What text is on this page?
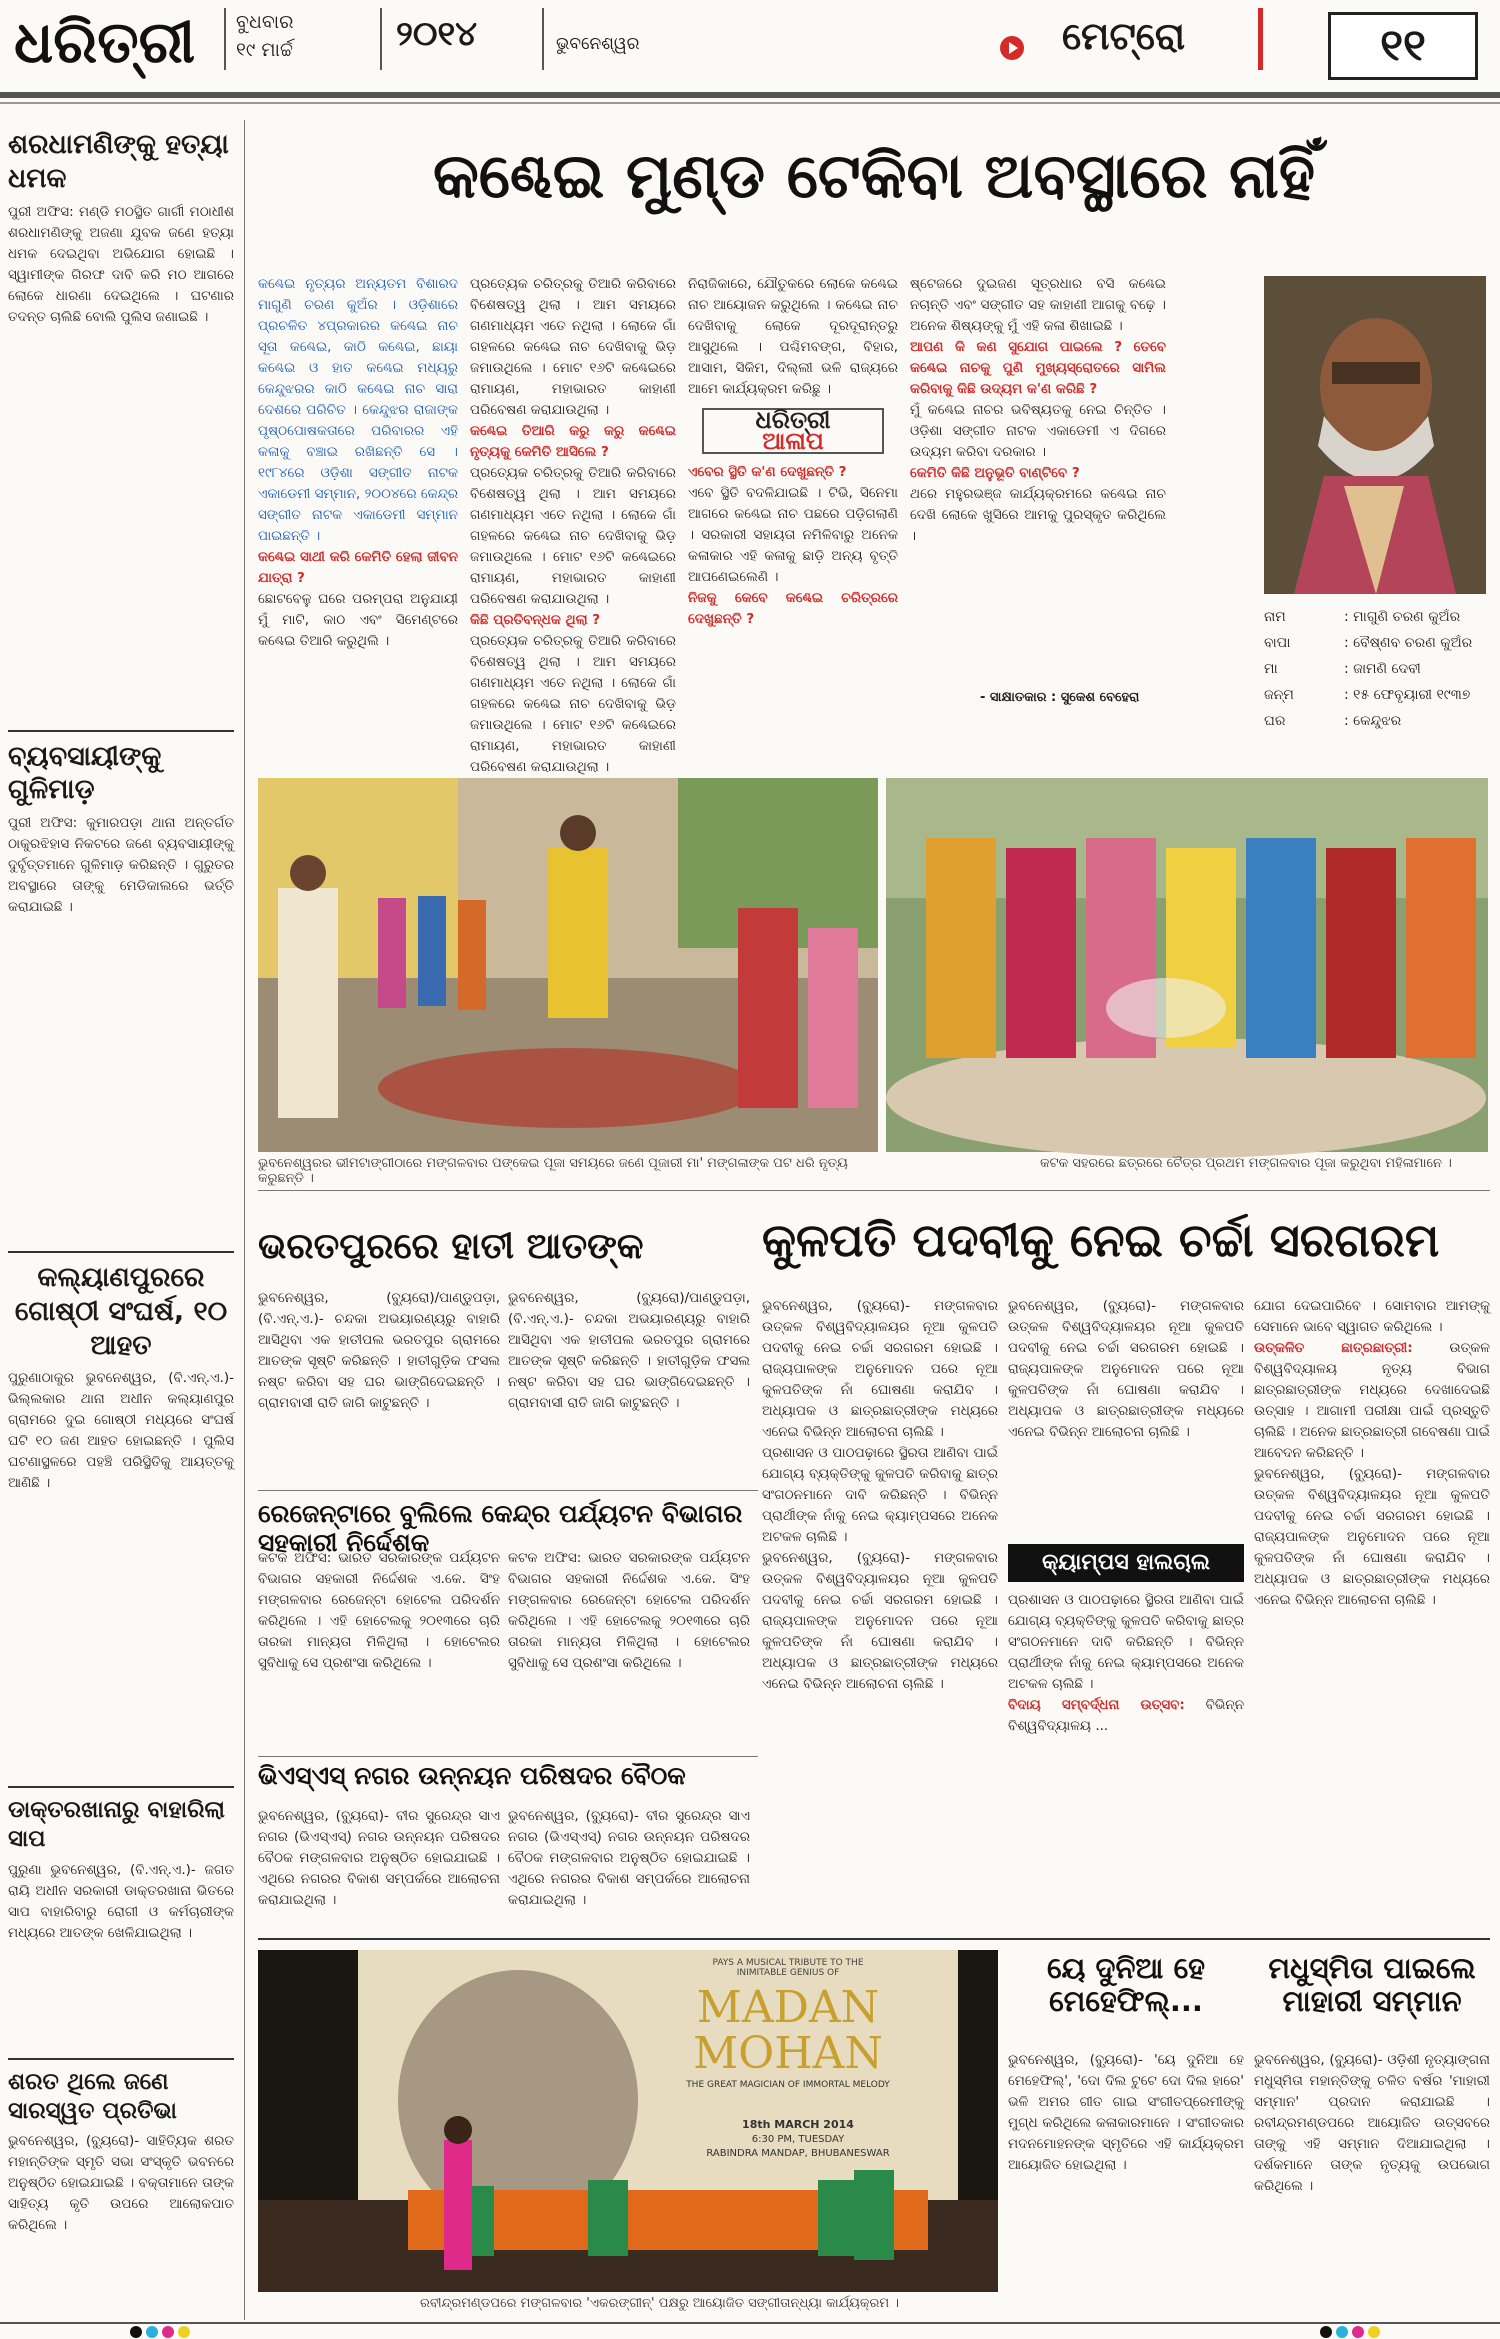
ଧରିତ୍ରୀ ବୁଧବାର
୧୯ ମାର୍ଚ୍ଚ	୨୦୧୪	ଭୁବନେଶ୍ୱର	ମେଟ୍ରୋ	୧୧
ଶରଧାମଣିଙ୍କୁ ହତ୍ୟା ଧମକ

ପୁରୀ ଅଫିସ: ମଣ୍ଡି ମଠସ୍ଥିତ ଗାର୍ଗୀ ମଠାଧୀଶ ଶରଧାମଣିଙ୍କୁ ଅଜଣା ଯୁବକ ଜଣେ ହତ୍ୟା ଧମକ ଦେଇଥିବା ଅଭିଯୋଗ ହୋଇଛି । ସ୍ୱାମୀଙ୍କ ଗିରଫ ଦାବି କରି ମଠ ଆଗରେ ଲୋକେ ଧାରଣା ଦେଇଥିଲେ । ଘଟଣାର ତଦନ୍ତ ଚାଲିଛି ବୋଲି ପୁଲିସ ଜଣାଇଛି ।

ବ୍ୟବସାୟୀଙ୍କୁ ଗୁଳିମାଡ଼

ପୁରୀ ଅଫିସ: କୁମାରପଡ଼ା ଥାନା ଅନ୍ତର୍ଗତ ଠାକୁରଝିହାସ ନିକଟରେ ଜଣେ ବ୍ୟବସାୟୀଙ୍କୁ ଦୁର୍ବୃତ୍ତମାନେ ଗୁଳିମାଡ଼ କରିଛନ୍ତି । ଗୁରୁତର ଅବସ୍ଥାରେ ତାଙ୍କୁ ମେଡିକାଲରେ ଭର୍ତ୍ତି କରାଯାଇଛି ।

କଲ୍ୟାଣପୁରରେ ଗୋଷ୍ଠୀ ସଂଘର୍ଷ, ୧୦ ଆହତ

ପୁରୁଣାଠାକୁର ଭୁବନେଶ୍ୱର, (ବି.ଏନ୍.ଏ.)- ଭିଲ୍ଲକାର ଥାନା ଅଧୀନ କଲ୍ୟାଣପୁର ଗ୍ରାମରେ ଦୁଇ ଗୋଷ୍ଠୀ ମଧ୍ୟରେ ସଂଘର୍ଷ ଘଟି ୧୦ ଜଣ ଆହତ ହୋଇଛନ୍ତି । ପୁଲିସ ଘଟଣାସ୍ଥଳରେ ପହଞ୍ଚି ପରିସ୍ଥିତିକୁ ଆୟତ୍ତକୁ ଆଣିଛି ।

ଡାକ୍ତରଖାନାରୁ ବାହାରିଲା ସାପ

ପୁରୁଣା ଭୁବନେଶ୍ୱର, (ବି.ଏନ୍.ଏ.)- ଜଗତ ରାୟି ଅଧୀନ ସରକାରୀ ଡାକ୍ତରଖାନା ଭିତରେ ସାପ ବାହାରିବାରୁ ରୋଗୀ ଓ କର୍ମଚାରୀଙ୍କ ମଧ୍ୟରେ ଆତଙ୍କ ଖେଳିଯାଇଥିଲା ।

ଶରତ ଥିଲେ ଜଣେ ସାରସ୍ୱତ ପ୍ରତିଭା

ଭୁବନେଶ୍ୱର, (ବ୍ୟୁରୋ)- ସାହିତ୍ୟିକ ଶରତ ମହାନ୍ତିଙ୍କ ସ୍ମୃତି ସଭା ସଂସ୍କୃତି ଭବନରେ ଅନୁଷ୍ଠିତ ହୋଇଯାଇଛି । ବକ୍ତାମାନେ ତାଙ୍କ ସାହିତ୍ୟ କୃତି ଉପରେ ଆଲୋକପାତ କରିଥିଲେ ।

କଣ୍ଢେଇ ମୁଣ୍ଡ ଟେକିବା ଅବସ୍ଥାରେ ନାହିଁ

କଣ୍ଢେଇ ନୃତ୍ୟର ଅନ୍ୟତମ ବିଶାରଦ ମାଗୁଣି ଚରଣ କୁଅଁର । ଓଡ଼ିଶାରେ ପ୍ରଚଳିତ ୪ପ୍ରକାରର କଣ୍ଢେଇ ନାଚ ସୂତା କଣ୍ଢେଇ, କାଠି କଣ୍ଢେଇ, ଛାୟା କଣ୍ଢେଇ ଓ ହାତ କଣ୍ଢେଇ ମଧ୍ୟରୁ କେନ୍ଦୁଝରର କାଠି କଣ୍ଢେଇ ନାଚ ସାରା ଦେଶରେ ପରିଚିତ । କେନ୍ଦୁଝର ରାଜାଙ୍କ ପୃଷ୍ଠପୋଷକତାରେ ପରିବାରର ଏହି କଳାକୁ ବଞ୍ଚାଇ ରଖିଛନ୍ତି ସେ । ୧୯୮୪ରେ ଓଡ଼ିଶା ସଙ୍ଗୀତ ନାଟକ ଏକାଡେମୀ ସମ୍ମାନ, ୨୦୦୪ରେ କେନ୍ଦ୍ର ସଙ୍ଗୀତ ନାଟକ ଏକାଡେମୀ ସମ୍ମାନ ପାଇଛନ୍ତି ।

କଣ୍ଢେଇ ସାଥୀ କରି କେମିତି ହେଲା ଜୀବନ ଯାତ୍ରା ?

ଛୋଟବେଳୁ ଘରେ ପରମ୍ପରା ଅନୁଯାୟୀ ମୁଁ ମାଟି, କାଠ ଏବଂ ସିମେଣ୍ଟରେ କଣ୍ଢେଇ ତିଆରି କରୁଥିଲି ।

ପ୍ରତ୍ୟେକ ଚରିତ୍ରକୁ ତିଆରି କରିବାରେ ବିଶେଷତ୍ୱ ଥିଲା । ଆମ ସମୟରେ ଗଣମାଧ୍ୟମ ଏତେ ନଥିଲା । ଲୋକେ ଗାଁ ଗହଳରେ କଣ୍ଢେଇ ନାଚ ଦେଖିବାକୁ ଭିଡ଼ ଜମାଉଥିଲେ । ମୋଟ ୧୬ଟି କଣ୍ଢେଇରେ ରାମାୟଣ, ମହାଭାରତ କାହାଣୀ ପରିବେଷଣ କରାଯାଉଥିଲା ।

କଣ୍ଢେଇ ତିଆରି କରୁ କରୁ କଣ୍ଢେଇ ନୃତ୍ୟକୁ କେମିତି ଆସିଲେ ?

ପ୍ରତ୍ୟେକ ଚରିତ୍ରକୁ ତିଆରି କରିବାରେ ବିଶେଷତ୍ୱ ଥିଲା । ଆମ ସମୟରେ ଗଣମାଧ୍ୟମ ଏତେ ନଥିଲା । ଲୋକେ ଗାଁ ଗହଳରେ କଣ୍ଢେଇ ନାଚ ଦେଖିବାକୁ ଭିଡ଼ ଜମାଉଥିଲେ । ମୋଟ ୧୬ଟି କଣ୍ଢେଇରେ ରାମାୟଣ, ମହାଭାରତ କାହାଣୀ ପରିବେଷଣ କରାଯାଉଥିଲା ।

କିଛି ପ୍ରତିବନ୍ଧକ ଥିଲା ?

ପ୍ରତ୍ୟେକ ଚରିତ୍ରକୁ ତିଆରି କରିବାରେ ବିଶେଷତ୍ୱ ଥିଲା । ଆମ ସମୟରେ ଗଣମାଧ୍ୟମ ଏତେ ନଥିଲା । ଲୋକେ ଗାଁ ଗହଳରେ କଣ୍ଢେଇ ନାଚ ଦେଖିବାକୁ ଭିଡ଼ ଜମାଉଥିଲେ । ମୋଟ ୧୬ଟି କଣ୍ଢେଇରେ ରାମାୟଣ, ମହାଭାରତ କାହାଣୀ ପରିବେଷଣ କରାଯାଉଥିଲା ।

ନିରାଜିକାରେ, ଯୌତୁକରେ ଲୋକେ କଣ୍ଢେଇ ନାଚ ଆୟୋଜନ କରୁଥିଲେ । କଣ୍ଢେଇ ନାଚ ଦେଖିବାକୁ ଲୋକେ ଦୂରଦୂରାନ୍ତରୁ ଆସୁଥିଲେ । ପଶ୍ଚିମବଙ୍ଗ, ବିହାର, ଆସାମ, ସିକିମ, ଦିଲ୍ଲୀ ଭଳି ରାଜ୍ୟରେ ଆମେ କାର୍ଯ୍ୟକ୍ରମ କରିଛୁ ।

ଧରିତ୍ରୀ
ଆଳାପ

ଏବେର ସ୍ଥିତି କ'ଣ ଦେଖୁଛନ୍ତି ?

ଏବେ ସ୍ଥିତି ବଦଳିଯାଇଛି । ଟିଭି, ସିନେମା ଆଗରେ କଣ୍ଢେଇ ନାଚ ପଛରେ ପଡ଼ିଗଲାଣି । ସରକାରୀ ସହାୟତା ନମିଳିବାରୁ ଅନେକ କଳାକାର ଏହି କଳାକୁ ଛାଡ଼ି ଅନ୍ୟ ବୃତ୍ତି ଆପଣେଇଲେଣି ।

ନିଜକୁ କେବେ କଣ୍ଢେଇ ଚରିତ୍ରରେ ଦେଖୁଛନ୍ତି ?

ଷ୍ଟେଜରେ ଦୁଇଜଣ ସୂତ୍ରଧାର ବସି କଣ୍ଢେଇ ନଚାନ୍ତି ଏବଂ ସଙ୍ଗୀତ ସହ କାହାଣୀ ଆଗକୁ ବଢ଼େ । ଅନେକ ଶିଷ୍ୟଙ୍କୁ ମୁଁ ଏହି କଳା ଶିଖାଇଛି ।

ଆପଣ କି କଣ ସୁଯୋଗ ପାଇଲେ ? ତେବେ କଣ୍ଢେଇ ନାଚକୁ ପୁଣି ମୁଖ୍ୟସ୍ରୋତରେ ସାମିଲ କରିବାକୁ କିଛି ଉଦ୍ୟମ କ'ଣ କରିଛି ?

ମୁଁ କଣ୍ଢେଇ ନାଚର ଭବିଷ୍ୟତକୁ ନେଇ ଚିନ୍ତିତ । ଓଡ଼ିଶା ସଙ୍ଗୀତ ନାଟକ ଏକାଡେମୀ ଏ ଦିଗରେ ଉଦ୍ୟମ କରିବା ଦରକାର ।

କେମିତି କିଛି ଅନୁଭୂତି ବାଣ୍ଟିବେ ?

ଥରେ ମହୁରଭଞ୍ଜ କାର୍ଯ୍ୟକ୍ରମରେ କଣ୍ଢେଇ ନାଚ ଦେଖି ଲୋକେ ଖୁସିରେ ଆମକୁ ପୁରସ୍କୃତ କରିଥିଲେ ।

- ସାକ୍ଷାତକାର : ସୁକେଶ ବେହେରା
ନାମ	: ମାଗୁଣି ଚରଣ କୁଅଁର
ବାପା	: ବୈଷ୍ଣବ ଚରଣ କୁଅଁର
ମା	: ଜାମଣି ଦେବୀ
ଜନ୍ମ	: ୧୫ ଫେବୃୟାରୀ ୧୯୩୭
ଘର	: କେନ୍ଦୁଝର
ଭୁବନେଶ୍ୱରର ଭୀମଟାଙ୍ଗୀଠାରେ ମଙ୍ଗଳବାର ପଙ୍କେଇ ପୂଜା ସମୟରେ ଜଣେ ପୂଜାରୀ ମା' ମଙ୍ଗଳାଙ୍କ ପଟ ଧରି ନୃତ୍ୟ କରୁଛନ୍ତି ।
କଟକ ସହରରେ ଛତ୍ରରେ ଚୈତ୍ର ପ୍ରଥମ ମଙ୍ଗଳବାର ପୂଜା କରୁଥିବା ମହିଳାମାନେ ।
ଭରତପୁରରେ ହାତୀ ଆତଙ୍କ

ଭୁବନେଶ୍ୱର, (ବ୍ୟୁରୋ)/ପାଣ୍ଡୁପଡ଼ା, (ବି.ଏନ୍.ଏ.)- ଚନ୍ଦକା ଅଭୟାରଣ୍ୟରୁ ବାହାରି ଆସିଥିବା ଏକ ହାତୀପଲ ଭରତପୁର ଗ୍ରାମରେ ଆତଙ୍କ ସୃଷ୍ଟି କରିଛନ୍ତି । ହାତୀଗୁଡ଼ିକ ଫସଲ ନଷ୍ଟ କରିବା ସହ ଘର ଭାଙ୍ଗିଦେଇଛନ୍ତି । ଗ୍ରାମବାସୀ ରାତି ଜାଗି କାଟୁଛନ୍ତି ।

ଭୁବନେଶ୍ୱର, (ବ୍ୟୁରୋ)/ପାଣ୍ଡୁପଡ଼ା, (ବି.ଏନ୍.ଏ.)- ଚନ୍ଦକା ଅଭୟାରଣ୍ୟରୁ ବାହାରି ଆସିଥିବା ଏକ ହାତୀପଲ ଭରତପୁର ଗ୍ରାମରେ ଆତଙ୍କ ସୃଷ୍ଟି କରିଛନ୍ତି । ହାତୀଗୁଡ଼ିକ ଫସଲ ନଷ୍ଟ କରିବା ସହ ଘର ଭାଙ୍ଗିଦେଇଛନ୍ତି । ଗ୍ରାମବାସୀ ରାତି ଜାଗି କାଟୁଛନ୍ତି ।

ରେଜେନ୍ଟାରେ ବୁଲିଲେ କେନ୍ଦ୍ର ପର୍ଯ୍ୟଟନ ବିଭାଗର ସହକାରୀ ନିର୍ଦ୍ଦେଶକ

କଟକ ଅଫିସ: ଭାରତ ସରକାରଙ୍କ ପର୍ଯ୍ୟଟନ ବିଭାଗର ସହକାରୀ ନିର୍ଦ୍ଦେଶକ ଏ.କେ. ସିଂହ ମଙ୍ଗଳବାର ରେଜେନ୍ଟା ହୋଟେଲ ପରିଦର୍ଶନ କରିଥିଲେ । ଏହି ହୋଟେଲକୁ ୨୦୧୩ରେ ଚାରି ତାରକା ମାନ୍ୟତା ମିଳିଥିଲା । ହୋଟେଲର ସୁବିଧାକୁ ସେ ପ୍ରଶଂସା କରିଥିଲେ ।

କଟକ ଅଫିସ: ଭାରତ ସରକାରଙ୍କ ପର୍ଯ୍ୟଟନ ବିଭାଗର ସହକାରୀ ନିର୍ଦ୍ଦେଶକ ଏ.କେ. ସିଂହ ମଙ୍ଗଳବାର ରେଜେନ୍ଟା ହୋଟେଲ ପରିଦର୍ଶନ କରିଥିଲେ । ଏହି ହୋଟେଲକୁ ୨୦୧୩ରେ ଚାରି ତାରକା ମାନ୍ୟତା ମିଳିଥିଲା । ହୋଟେଲର ସୁବିଧାକୁ ସେ ପ୍ରଶଂସା କରିଥିଲେ ।

ଭିଏସ୍‌ଏସ୍ ନଗର ଉନ୍ନୟନ ପରିଷଦର ବୈଠକ

ଭୁବନେଶ୍ୱର, (ବ୍ୟୁରୋ)- ବୀର ସୁରେନ୍ଦ୍ର ସାଏ ନଗର (ଭିଏସ୍‌ଏସ୍) ନଗର ଉନ୍ନୟନ ପରିଷଦର ବୈଠକ ମଙ୍ଗଳବାର ଅନୁଷ୍ଠିତ ହୋଇଯାଇଛି । ଏଥିରେ ନଗରର ବିକାଶ ସମ୍ପର୍କରେ ଆଲୋଚନା କରାଯାଇଥିଲା ।

ଭୁବନେଶ୍ୱର, (ବ୍ୟୁରୋ)- ବୀର ସୁରେନ୍ଦ୍ର ସାଏ ନଗର (ଭିଏସ୍‌ଏସ୍) ନଗର ଉନ୍ନୟନ ପରିଷଦର ବୈଠକ ମଙ୍ଗଳବାର ଅନୁଷ୍ଠିତ ହୋଇଯାଇଛି । ଏଥିରେ ନଗରର ବିକାଶ ସମ୍ପର୍କରେ ଆଲୋଚନା କରାଯାଇଥିଲା ।

କୁଳପତି ପଦବୀକୁ ନେଇ ଚର୍ଚ୍ଚା ସରଗରମ

ଭୁବନେଶ୍ୱର, (ବ୍ୟୁରୋ)- ମଙ୍ଗଳବାର ଉତ୍କଳ ବିଶ୍ୱବିଦ୍ୟାଳୟର ନୂଆ କୁଳପତି ପଦବୀକୁ ନେଇ ଚର୍ଚ୍ଚା ସରଗରମ ହୋଇଛି । ରାଜ୍ୟପାଳଙ୍କ ଅନୁମୋଦନ ପରେ ନୂଆ କୁଳପତିଙ୍କ ନାଁ ଘୋଷଣା କରାଯିବ । ଅଧ୍ୟାପକ ଓ ଛାତ୍ରଛାତ୍ରୀଙ୍କ ମଧ୍ୟରେ ଏନେଇ ବିଭିନ୍ନ ଆଲୋଚନା ଚାଲିଛି ।

ପ୍ରଶାସନ ଓ ପାଠପଢ଼ାରେ ସ୍ଥିରତା ଆଣିବା ପାଇଁ ଯୋଗ୍ୟ ବ୍ୟକ୍ତିଙ୍କୁ କୁଳପତି କରିବାକୁ ଛାତ୍ର ସଂଗଠନମାନେ ଦାବି କରିଛନ୍ତି । ବିଭିନ୍ନ ପ୍ରାର୍ଥୀଙ୍କ ନାଁକୁ ନେଇ କ୍ୟାମ୍ପସରେ ଅନେକ ଅଟକଳ ଚାଲିଛି ।

ଭୁବନେଶ୍ୱର, (ବ୍ୟୁରୋ)- ମଙ୍ଗଳବାର ଉତ୍କଳ ବିଶ୍ୱବିଦ୍ୟାଳୟର ନୂଆ କୁଳପତି ପଦବୀକୁ ନେଇ ଚର୍ଚ୍ଚା ସରଗରମ ହୋଇଛି । ରାଜ୍ୟପାଳଙ୍କ ଅନୁମୋଦନ ପରେ ନୂଆ କୁଳପତିଙ୍କ ନାଁ ଘୋଷଣା କରାଯିବ । ଅଧ୍ୟାପକ ଓ ଛାତ୍ରଛାତ୍ରୀଙ୍କ ମଧ୍ୟରେ ଏନେଇ ବିଭିନ୍ନ ଆଲୋଚନା ଚାଲିଛି ।

ଭୁବନେଶ୍ୱର, (ବ୍ୟୁରୋ)- ମଙ୍ଗଳବାର ଉତ୍କଳ ବିଶ୍ୱବିଦ୍ୟାଳୟର ନୂଆ କୁଳପତି ପଦବୀକୁ ନେଇ ଚର୍ଚ୍ଚା ସରଗରମ ହୋଇଛି । ରାଜ୍ୟପାଳଙ୍କ ଅନୁମୋଦନ ପରେ ନୂଆ କୁଳପତିଙ୍କ ନାଁ ଘୋଷଣା କରାଯିବ । ଅଧ୍ୟାପକ ଓ ଛାତ୍ରଛାତ୍ରୀଙ୍କ ମଧ୍ୟରେ ଏନେଇ ବିଭିନ୍ନ ଆଲୋଚନା ଚାଲିଛି ।

କ୍ୟାମ୍ପସ ହାଲଚାଲ

ପ୍ରଶାସନ ଓ ପାଠପଢ଼ାରେ ସ୍ଥିରତା ଆଣିବା ପାଇଁ ଯୋଗ୍ୟ ବ୍ୟକ୍ତିଙ୍କୁ କୁଳପତି କରିବାକୁ ଛାତ୍ର ସଂଗଠନମାନେ ଦାବି କରିଛନ୍ତି । ବିଭିନ୍ନ ପ୍ରାର୍ଥୀଙ୍କ ନାଁକୁ ନେଇ କ୍ୟାମ୍ପସରେ ଅନେକ ଅଟକଳ ଚାଲିଛି ।

ବିଦାୟ ସମ୍ବର୍ଦ୍ଧନା ଉତ୍ସବ: ବିଭିନ୍ନ ବିଶ୍ୱବିଦ୍ୟାଳୟ ...

ଯୋଗ ଦେଇପାରିବେ । ସୋମବାର ଆମଙ୍କୁ ସେମାନେ ଭାବେ ସ୍ୱାଗତ କରିଥିଲେ ।

ଉତ୍କଳିତ ଛାତ୍ରଛାତ୍ରୀ:	ଉତ୍କଳ ବିଶ୍ୱବିଦ୍ୟାଳୟ ନୃତ୍ୟ ବିଭାଗ ଛାତ୍ରଛାତ୍ରୀଙ୍କ ମଧ୍ୟରେ ଦେଖାଦେଇଛି ଉତ୍ସାହ । ଆଗାମୀ ପରୀକ୍ଷା ପାଇଁ ପ୍ରସ୍ତୁତି ଚାଲିଛି । ଅନେକ ଛାତ୍ରଛାତ୍ରୀ ଗବେଷଣା ପାଇଁ ଆବେଦନ କରିଛନ୍ତି ।

ଭୁବନେଶ୍ୱର, (ବ୍ୟୁରୋ)- ମଙ୍ଗଳବାର ଉତ୍କଳ ବିଶ୍ୱବିଦ୍ୟାଳୟର ନୂଆ କୁଳପତି ପଦବୀକୁ ନେଇ ଚର୍ଚ୍ଚା ସରଗରମ ହୋଇଛି । ରାଜ୍ୟପାଳଙ୍କ ଅନୁମୋଦନ ପରେ ନୂଆ କୁଳପତିଙ୍କ ନାଁ ଘୋଷଣା କରାଯିବ । ଅଧ୍ୟାପକ ଓ ଛାତ୍ରଛାତ୍ରୀଙ୍କ ମଧ୍ୟରେ ଏନେଇ ବିଭିନ୍ନ ଆଲୋଚନା ଚାଲିଛି ।

PAYS A MUSICAL TRIBUTE TO THE INIMITABLE GENIUS OF
MADAN
MOHAN
THE GREAT MAGICIAN OF IMMORTAL MELODY
18th MARCH 2014
6:30 PM, TUESDAY
RABINDRA MANDAP, BHUBANESWAR
ରବୀନ୍ଦ୍ରମଣ୍ଡପରେ ମଙ୍ଗଳବାର 'ଏକରଙ୍ଗୀନ୍' ପକ୍ଷରୁ ଆୟୋଜିତ ସଙ୍ଗୀତାନ୍ଧ୍ୟା କାର୍ଯ୍ୟକ୍ରମ ।
ୟେ ଦୁନିଆ ହେ ମେହେଫିଲ୍...

ଭୁବନେଶ୍ୱର, (ବ୍ୟୁରୋ)- 'ୟେ ଦୁନିଆ ହେ ମେହେଫିଲ୍', 'ଦୋ ଦିଲ ଟୁଟେ ଦୋ ଦିଲ ହାରେ' ଭଳି ଅମର ଗୀତ ଗାଇ ସଂଗୀତପ୍ରେମୀଙ୍କୁ ମୁଗ୍ଧ କରିଥିଲେ କଳାକାରମାନେ । ସଂଗୀତକାର ମଦନମୋହନଙ୍କ ସ୍ମୃତିରେ ଏହି କାର୍ଯ୍ୟକ୍ରମ ଆୟୋଜିତ ହୋଇଥିଲା ।

ମଧୁସ୍ମିତା ପାଇଲେ ମାହାରୀ ସମ୍ମାନ

ଭୁବନେଶ୍ୱର, (ବ୍ୟୁରୋ)- ଓଡ଼ିଶୀ ନୃତ୍ୟାଙ୍ଗନା ମଧୁସ୍ମିତା ମହାନ୍ତିଙ୍କୁ ଚଳିତ ବର୍ଷର 'ମାହାରୀ ସମ୍ମାନ' ପ୍ରଦାନ କରାଯାଇଛି । ରବୀନ୍ଦ୍ରମଣ୍ଡପରେ ଆୟୋଜିତ ଉତ୍ସବରେ ତାଙ୍କୁ ଏହି ସମ୍ମାନ ଦିଆଯାଇଥିଲା । ଦର୍ଶକମାନେ ତାଙ୍କ ନୃତ୍ୟକୁ ଉପଭୋଗ କରିଥିଲେ ।
